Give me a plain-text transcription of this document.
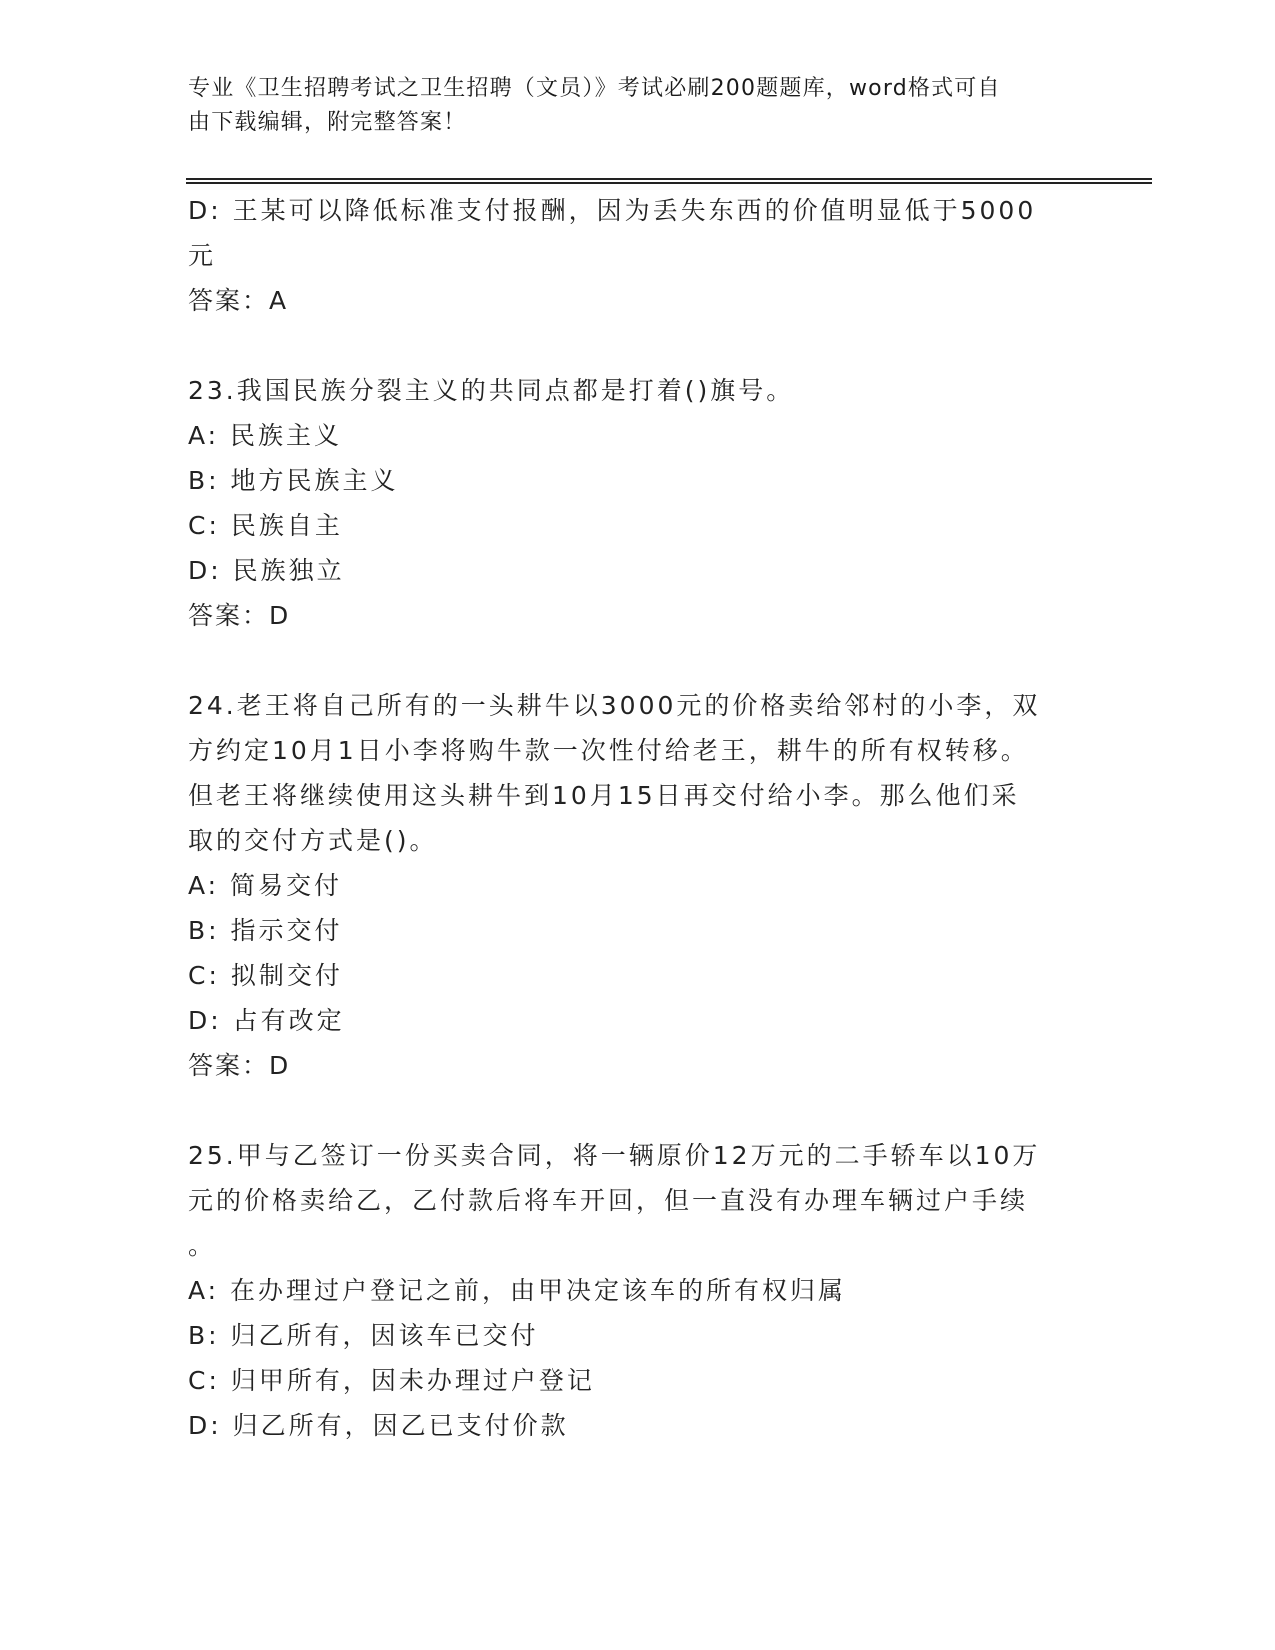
专业《卫生招聘考试之卫生招聘（文员）》考试必刷200题题库，word格式可自
由下载编辑，附完整答案！
D: 王某可以降低标准支付报酬，因为丢失东西的价值明显低于5000
元
答案：A
23.我国民族分裂主义的共同点都是打着()旗号。
A: 民族主义
B: 地方民族主义
C: 民族自主
D: 民族独立
答案：D
24.老王将自己所有的一头耕牛以3000元的价格卖给邻村的小李，双
方约定10月1日小李将购牛款一次性付给老王，耕牛的所有权转移。
但老王将继续使用这头耕牛到10月15日再交付给小李。那么他们采
取的交付方式是()。
A: 简易交付
B: 指示交付
C: 拟制交付
D: 占有改定
答案：D
25.甲与乙签订一份买卖合同，将一辆原价12万元的二手轿车以10万
元的价格卖给乙，乙付款后将车开回，但一直没有办理车辆过户手续
。
A: 在办理过户登记之前，由甲决定该车的所有权归属
B: 归乙所有，因该车已交付
C: 归甲所有，因未办理过户登记
D: 归乙所有，因乙已支付价款
